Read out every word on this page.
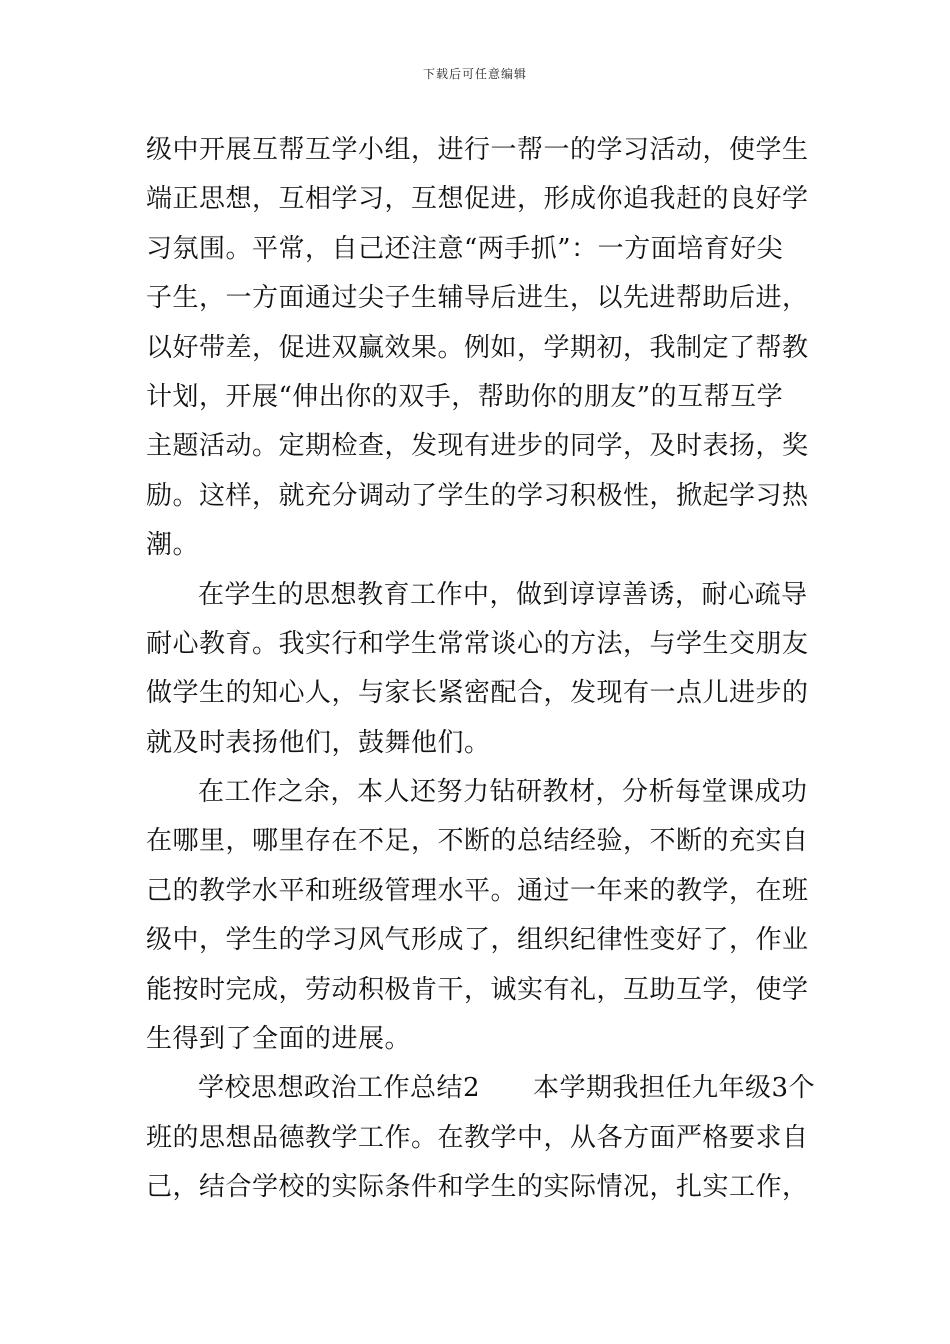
下载后可任意编辑
级中开展互帮互学小组，进行一帮一的学习活动，使学生
端正思想，互相学习，互想促进，形成你追我赶的良好学
习氛围。平常，自己还注意“两手抓”：一方面培育好尖
子生，一方面通过尖子生辅导后进生，以先进帮助后进，
以好带差，促进双赢效果。例如，学期初，我制定了帮教
计划，开展“伸出你的双手，帮助你的朋友”的互帮互学
主题活动。定期检查，发现有进步的同学，及时表扬，奖
励。这样，就充分调动了学生的学习积极性，掀起学习热
潮。
在学生的思想教育工作中，做到谆谆善诱，耐心疏导
耐心教育。我实行和学生常常谈心的方法，与学生交朋友
做学生的知心人，与家长紧密配合，发现有一点儿进步的
就及时表扬他们，鼓舞他们。
在工作之余，本人还努力钻研教材，分析每堂课成功
在哪里，哪里存在不足，不断的总结经验，不断的充实自
己的教学水平和班级管理水平。通过一年来的教学，在班
级中，学生的学习风气形成了，组织纪律性变好了，作业
能按时完成，劳动积极肯干，诚实有礼，互助互学，使学
生得到了全面的进展。
学校思想政治工作总结2　　本学期我担任九年级3个
班的思想品德教学工作。在教学中，从各方面严格要求自
己，结合学校的实际条件和学生的实际情况，扎实工作，
